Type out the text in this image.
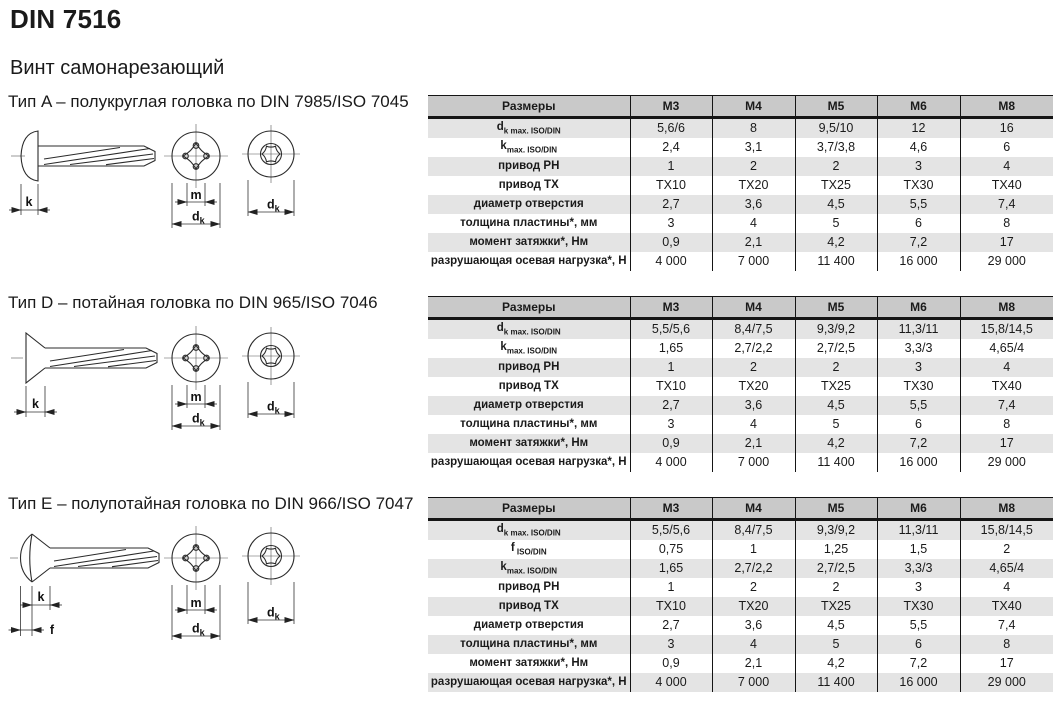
DIN 7516
Винт самонарезающий
Тип A – полукруглая головка по DIN 7985/ISO 7045
k	m
$d_k$
$d_k$
Размеры	M3	M4	M5	M6	M8
$d_{k max. ISO/DIN}$	5,6/6	8	9,5/10	12	16
$k_{max. ISO/DIN}$	2,4	3,1	3,7/3,8	4,6	6
привод PH	1	2	2	3	4
привод TX	TX10	TX20	TX25	TX30	TX40
диаметр отверстия	2,7	3,6	4,5	5,5	7,4
толщина пластины*, мм	3	4	5	6	8
момент затяжки*, Нм	0,9	2,1	4,2	7,2	17
разрушающая осевая нагрузка*, Н	4 000	7 000	11 400	16 000	29 000
Тип D – потайная головка по DIN 965/ISO 7046
k	m
$d_k$
$d_k$
Размеры	M3	M4	M5	M6	M8
$d_{k max. ISO/DIN}$	5,5/5,6	8,4/7,5	9,3/9,2	11,3/11	15,8/14,5
$k_{max. ISO/DIN}$	1,65	2,7/2,2	2,7/2,5	3,3/3	4,65/4
привод PH	1	2	2	3	4
привод TX	TX10	TX20	TX25	TX30	TX40
диаметр отверстия	2,7	3,6	4,5	5,5	7,4
толщина пластины*, мм	3	4	5	6	8
момент затяжки*, Нм	0,9	2,1	4,2	7,2	17
разрушающая осевая нагрузка*, Н	4 000	7 000	11 400	16 000	29 000
Тип E – полупотайная головка по DIN 966/ISO 7047
k
f
m
$d_k$
$d_k$
Размеры	M3	M4	M5	M6	M8
$d_{k max. ISO/DIN}$	5,5/5,6	8,4/7,5	9,3/9,2	11,3/11	15,8/14,5
f $_{ISO/DIN}$	0,75	1	1,25	1,5	2
$k_{max. ISO/DIN}$	1,65	2,7/2,2	2,7/2,5	3,3/3	4,65/4
привод PH	1	2	2	3	4
привод TX	TX10	TX20	TX25	TX30	TX40
диаметр отверстия	2,7	3,6	4,5	5,5	7,4
толщина пластины*, мм	3	4	5	6	8
момент затяжки*, Нм	0,9	2,1	4,2	7,2	17
разрушающая осевая нагрузка*, Н	4 000	7 000	11 400	16 000	29 000
